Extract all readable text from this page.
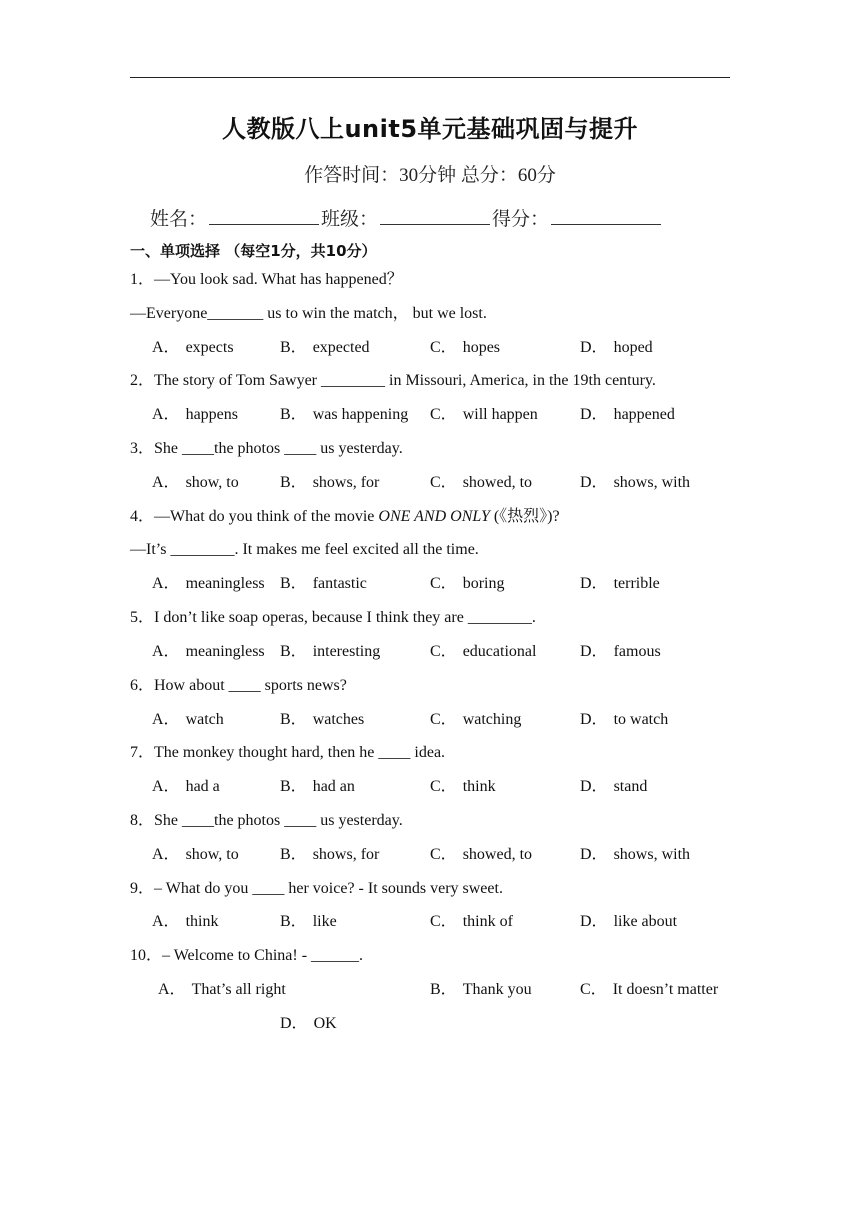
人教版八上unit5单元基础巩固与提升
作答时间：30分钟 总分：60分
姓名：	班级：	得分：
一、单项选择 （每空1分，共10分）
1．—You look sad. What has happened？
—Everyone_______ us to win the match， but we lost.
A． expects	B． expected	C． hopes	D． hoped
2．The story of Tom Sawyer ________ in Missouri, America, in the 19th century.
A． happens	B． was happening C． will happen	D． happened
3．She ____the photos ____ us yesterday.
A． show, to	B． shows, for	C． showed, to	D． shows, with
4．—What do you think of the movie ONE AND ONLY (《热烈》)?
—It’s ________. It makes me feel excited all the time.
A． meaningless B． fantastic	C． boring	D． terrible
5．I don’t like soap operas, because I think they are ________.
A． meaningless B． interesting	C． educational	D． famous
6．How about ____ sports news?
A． watch	B． watches	C． watching	D． to watch
7．The monkey thought hard, then he ____ idea.
A． had a	B． had an	C． think	D． stand
8．She ____the photos ____ us yesterday.
A． show, to	B． shows, for	C． showed, to	D． shows, with
9．– What do you ____ her voice? - It sounds very sweet.
A． think	B． like	C． think of	D． like about
10．– Welcome to China! - ______.
A． That’s all right	B． Thank you	C． It doesn’t matter
D． OK
